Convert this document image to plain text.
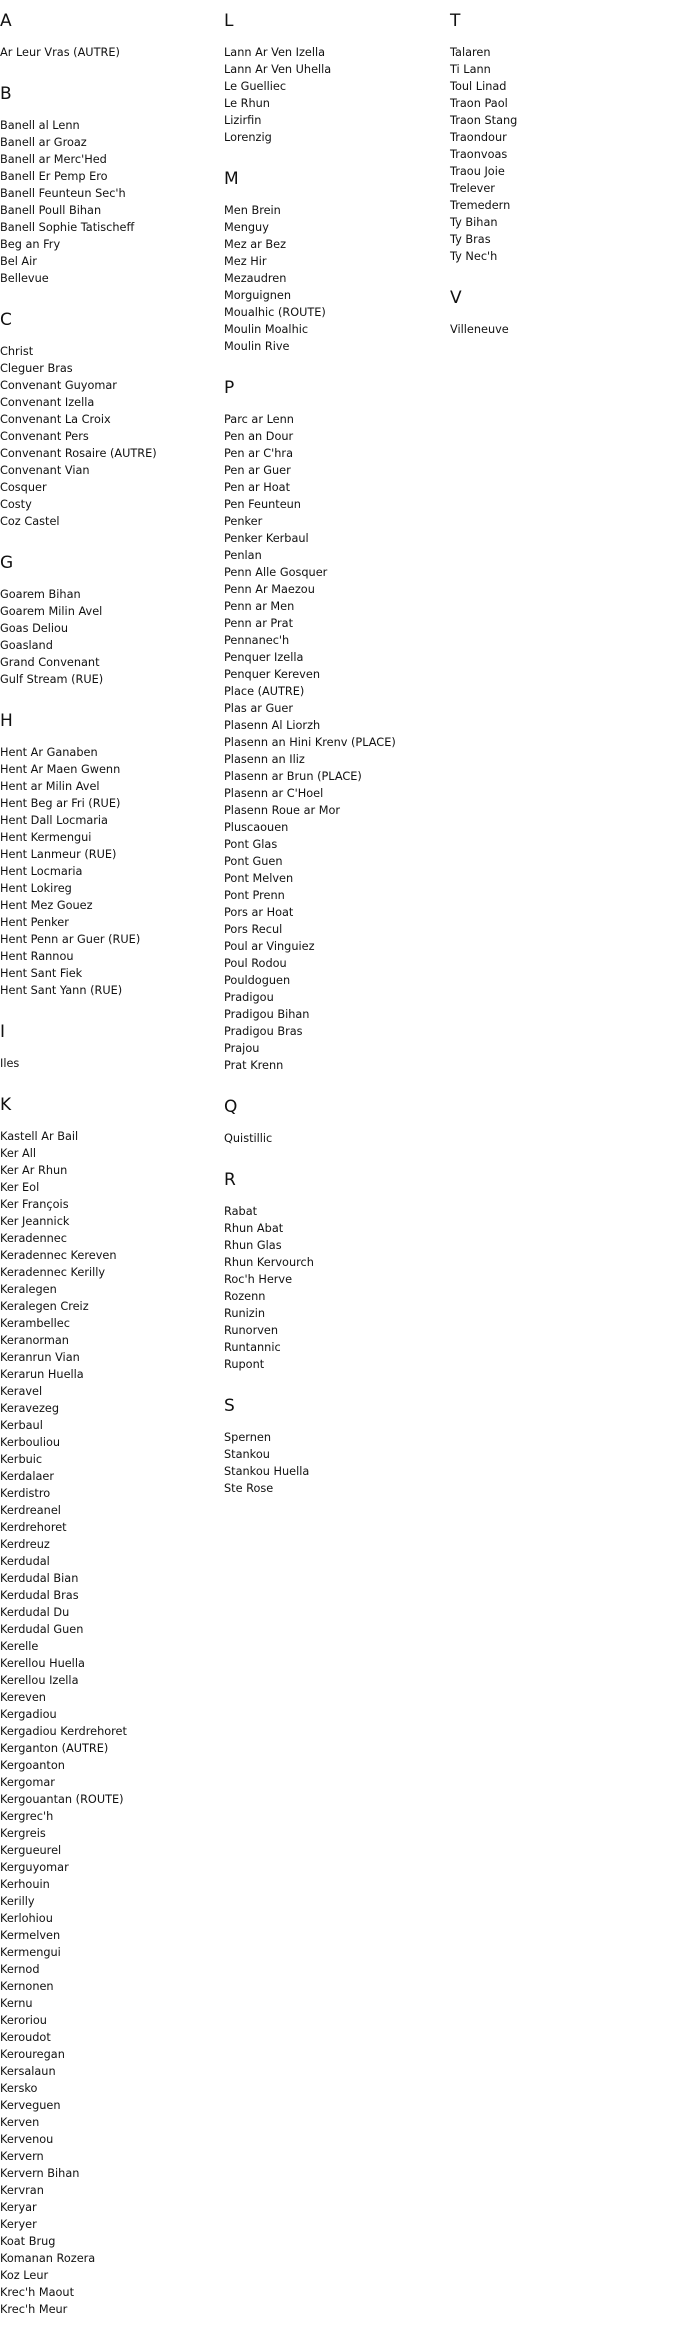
A
Ar Leur Vras (AUTRE)
B
Banell al Lenn
Banell ar Groaz
Banell ar Merc'Hed
Banell Er Pemp Ero
Banell Feunteun Sec'h
Banell Poull Bihan
Banell Sophie Tatischeff
Beg an Fry
Bel Air
Bellevue
C
Christ
Cleguer Bras
Convenant Guyomar
Convenant Izella
Convenant La Croix
Convenant Pers
Convenant Rosaire (AUTRE)
Convenant Vian
Cosquer
Costy
Coz Castel
G
Goarem Bihan
Goarem Milin Avel
Goas Deliou
Goasland
Grand Convenant
Gulf Stream (RUE)
H
Hent Ar Ganaben
Hent Ar Maen Gwenn
Hent ar Milin Avel
Hent Beg ar Fri (RUE)
Hent Dall Locmaria
Hent Kermengui
Hent Lanmeur (RUE)
Hent Locmaria
Hent Lokireg
Hent Mez Gouez
Hent Penker
Hent Penn ar Guer (RUE)
Hent Rannou
Hent Sant Fiek
Hent Sant Yann (RUE)
I
Iles
K
Kastell Ar Bail
Ker All
Ker Ar Rhun
Ker Eol
Ker François
Ker Jeannick
Keradennec
Keradennec Kereven
Keradennec Kerilly
Keralegen
Keralegen Creiz
Kerambellec
Keranorman
Keranrun Vian
Kerarun Huella
Keravel
Keravezeg
Kerbaul
Kerbouliou
Kerbuic
Kerdalaer
Kerdistro
Kerdreanel
Kerdrehoret
Kerdreuz
Kerdudal
Kerdudal Bian
Kerdudal Bras
Kerdudal Du
Kerdudal Guen
Kerelle
Kerellou Huella
Kerellou Izella
Kereven
Kergadiou
Kergadiou Kerdrehoret
Kerganton (AUTRE)
Kergoanton
Kergomar
Kergouantan (ROUTE)
Kergrec'h
Kergreis
Kergueurel
Kerguyomar
Kerhouin
Kerilly
Kerlohiou
Kermelven
Kermengui
Kernod
Kernonen
Kernu
Keroriou
Keroudot
Kerouregan
Kersalaun
Kersko
Kerveguen
Kerven
Kervenou
Kervern
Kervern Bihan
Kervran
Keryar
Keryer
Koat Brug
Komanan Rozera
Koz Leur
Krec'h Maout
Krec'h Meur
L
Lann Ar Ven Izella
Lann Ar Ven Uhella
Le Guelliec
Le Rhun
Lizirfin
Lorenzig
M
Men Brein
Menguy
Mez ar Bez
Mez Hir
Mezaudren
Morguignen
Moualhic (ROUTE)
Moulin Moalhic
Moulin Rive
P
Parc ar Lenn
Pen an Dour
Pen ar C'hra
Pen ar Guer
Pen ar Hoat
Pen Feunteun
Penker
Penker Kerbaul
Penlan
Penn Alle Gosquer
Penn Ar Maezou
Penn ar Men
Penn ar Prat
Pennanec'h
Penquer Izella
Penquer Kereven
Place (AUTRE)
Plas ar Guer
Plasenn Al Liorzh
Plasenn an Hini Krenv (PLACE)
Plasenn an Iliz
Plasenn ar Brun (PLACE)
Plasenn ar C'Hoel
Plasenn Roue ar Mor
Pluscaouen
Pont Glas
Pont Guen
Pont Melven
Pont Prenn
Pors ar Hoat
Pors Recul
Poul ar Vinguiez
Poul Rodou
Pouldoguen
Pradigou
Pradigou Bihan
Pradigou Bras
Prajou
Prat Krenn
Q
Quistillic
R
Rabat
Rhun Abat
Rhun Glas
Rhun Kervourch
Roc'h Herve
Rozenn
Runizin
Runorven
Runtannic
Rupont
S
Spernen
Stankou
Stankou Huella
Ste Rose
T
Talaren
Ti Lann
Toul Linad
Traon Paol
Traon Stang
Traondour
Traonvoas
Traou Joie
Trelever
Tremedern
Ty Bihan
Ty Bras
Ty Nec'h
V
Villeneuve
